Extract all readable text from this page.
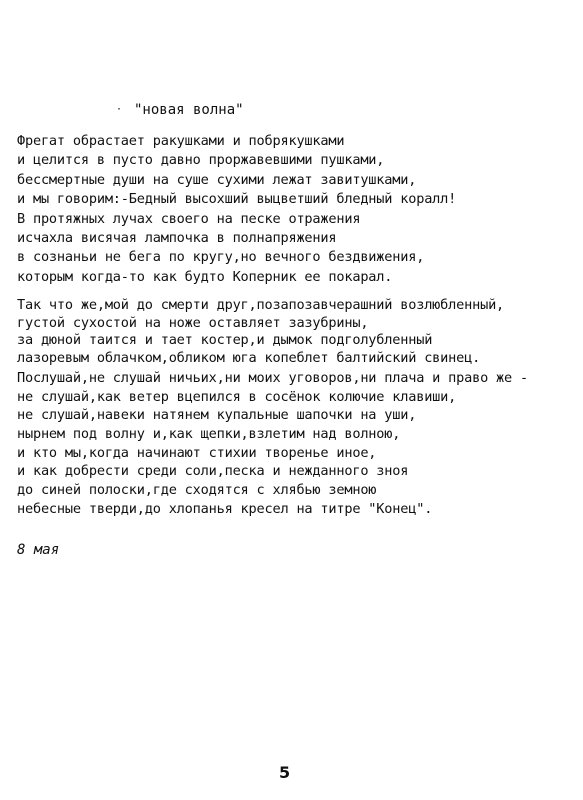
· "новая волна"
Фрегат обрастает ракушками и побрякушками
и целится в пусто давно проржавевшими пушками,
бессмертные души на суше сухими лежат завитушками,
и мы говорим:-Бедный высохший выцветший бледный коралл!
В протяжных лучах своего на песке отражения
исчахла висячая лампочка в полнапряжения
в сознаньи не бега по кругу,но вечного бездвижения,
которым когда-то как будто Коперник ее покарал.
Так что же,мой до смерти друг,позапозавчерашний возлюбленный,
густой сухостой на ноже оставляет зазубрины,
за дюной таится и тает костер,и дымок подголубленный
лазоревым облачком,обликом юга копеблет балтийский свинец.
Послушай,не слушай ничьих,ни моих уговоров,ни плача и право же -
не слушай,как ветер вцепился в сосёнок колючие клавиши,
не слушай,навеки натянем купальные шапочки на уши,
нырнем под волну и,как щепки,взлетим над волною,
и кто мы,когда начинают стихии творенье иное,
и как добрести среди соли,песка и нежданного зноя
до синей полоски,где сходятся с хлябью земною
небесные тверди,до хлопанья кресел на титре "Конец".
8 мая
5
